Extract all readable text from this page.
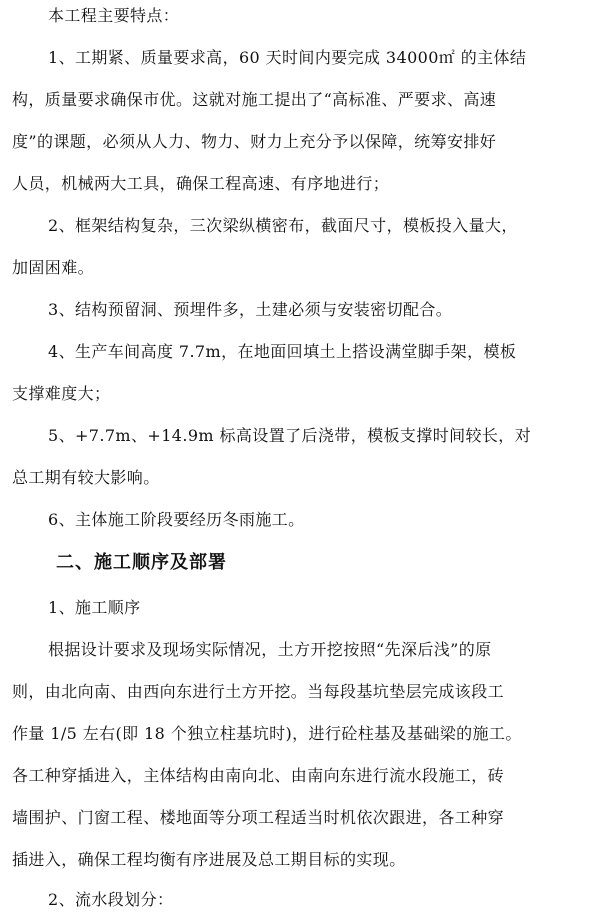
本工程主要特点：
1、工期紧、质量要求高，60 天时间内要完成 34000㎡ 的主体结
构，质量要求确保市优。这就对施工提出了“高标准、严要求、高速
度”的课题，必须从人力、物力、财力上充分予以保障，统筹安排好
人员，机械两大工具，确保工程高速、有序地进行；
2、框架结构复杂，三次梁纵横密布，截面尺寸，模板投入量大，
加固困难。
3、结构预留洞、预埋件多，土建必须与安装密切配合。
4、生产车间高度 7.7m，在地面回填土上搭设满堂脚手架，模板
支撑难度大；
5、+7.7m、+14.9m 标高设置了后浇带，模板支撑时间较长，对
总工期有较大影响。
6、主体施工阶段要经历冬雨施工。
二、施工顺序及部署
1、施工顺序
根据设计要求及现场实际情况，土方开挖按照“先深后浅”的原
则，由北向南、由西向东进行土方开挖。当每段基坑垫层完成该段工
作量 1/5 左右(即 18 个独立柱基坑时)，进行砼柱基及基础梁的施工。
各工种穿插进入，主体结构由南向北、由南向东进行流水段施工，砖
墙围护、门窗工程、楼地面等分项工程适当时机依次跟进，各工种穿
插进入，确保工程均衡有序进展及总工期目标的实现。
2、流水段划分：
